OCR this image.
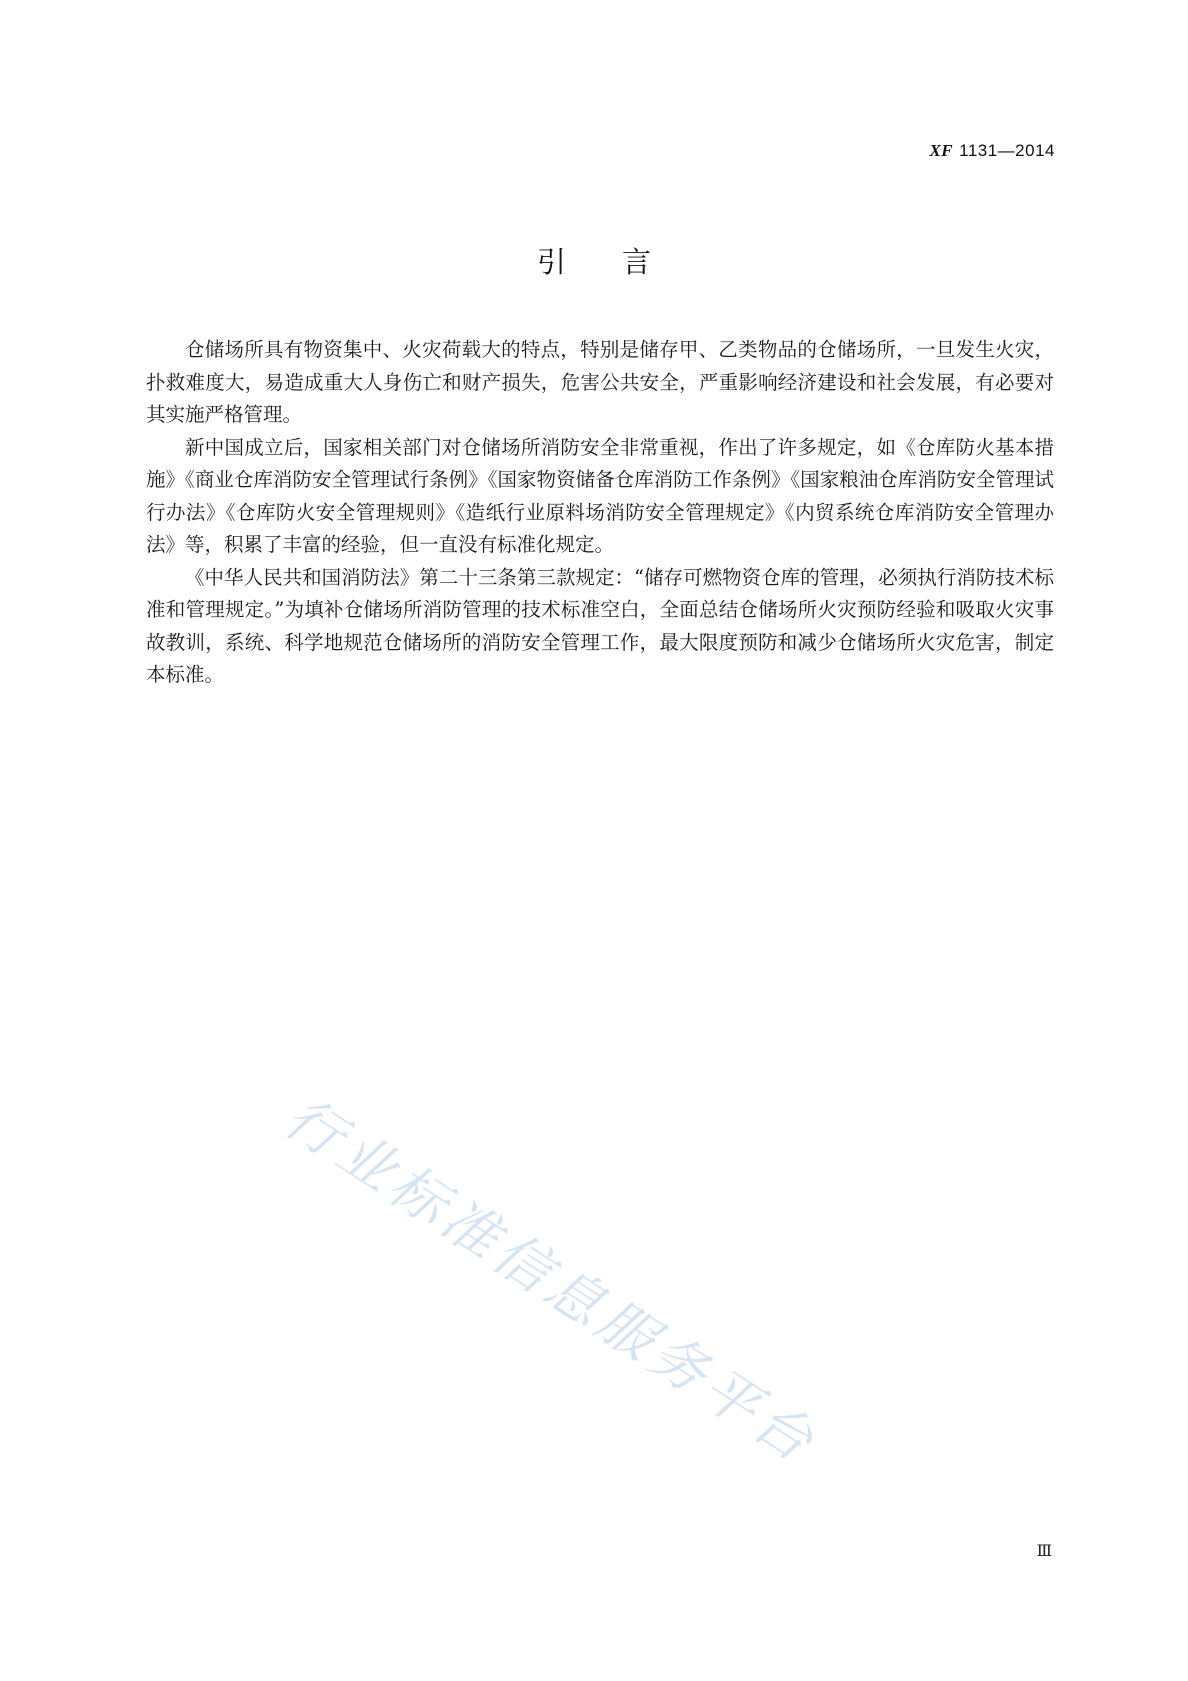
XF 1131—2014
引言

仓储场所具有物资集中、火灾荷载大的特点，特别是储存甲、乙类物品的仓储场所，一旦发生火灾，扑救难度大，易造成重大人身伤亡和财产损失，危害公共安全，严重影响经济建设和社会发展，有必要对其实施严格管理。

新中国成立后，国家相关部门对仓储场所消防安全非常重视，作出了许多规定，如《仓库防火基本措施》《商业仓库消防安全管理试行条例》《国家物资储备仓库消防工作条例》《国家粮油仓库消防安全管理试行办法》《仓库防火安全管理规则》《造纸行业原料场消防安全管理规定》《内贸系统仓库消防安全管理办法》等，积累了丰富的经验，但一直没有标准化规定。

《中华人民共和国消防法》第二十三条第三款规定：“储存可燃物资仓库的管理，必须执行消防技术标准和管理规定。”为填补仓储场所消防管理的技术标准空白，全面总结仓储场所火灾预防经验和吸取火灾事故教训，系统、科学地规范仓储场所的消防安全管理工作，最大限度预防和减少仓储场所火灾危害，制定本标准。

行业标准信息服务平台
Ⅲ
